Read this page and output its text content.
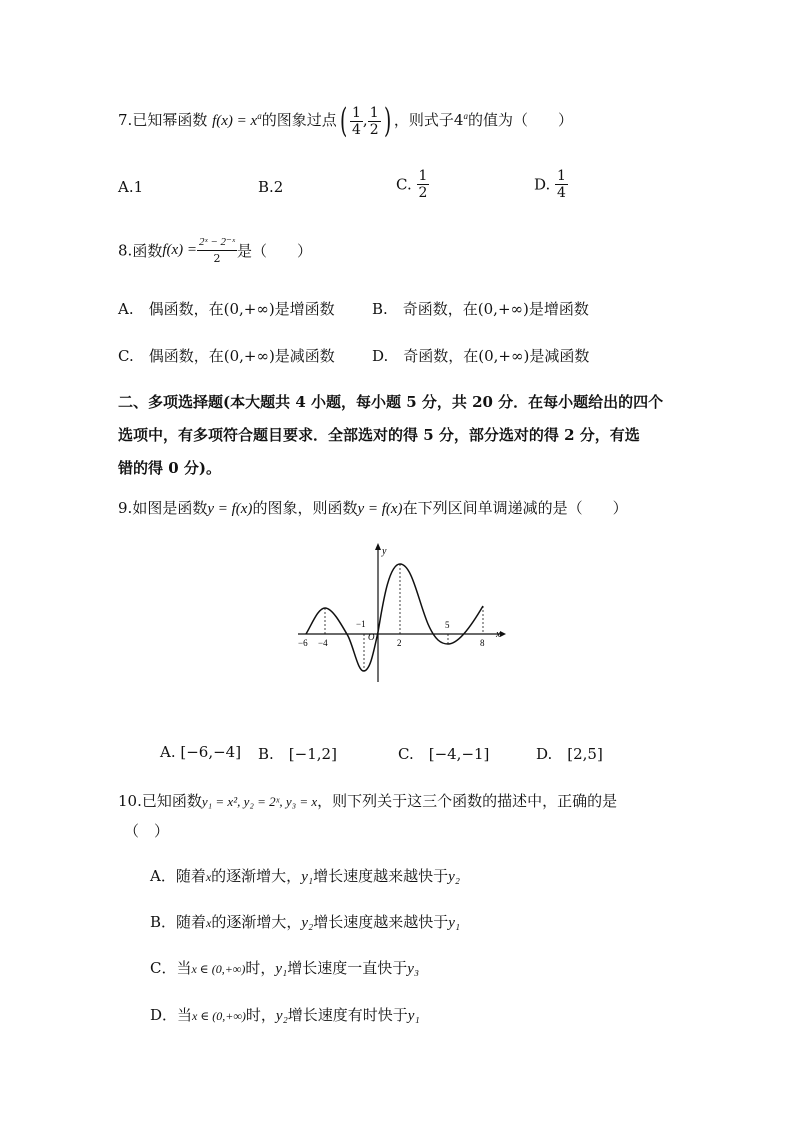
7.已知幂函数 $f(x) = x^a$的图象过点( $\frac{1}{4}$ , $\frac{1}{2}$ ) ，则式子4$^a$的值为（　　）
A.1	B.2	C. $\frac{1}{2}$	D. $\frac{1}{4}$
8.函数$f(x) = \frac{\text{2ˣ − 2⁻ˣ}}{2}$ 是（　　）
A.　偶函数，在(0,+∞)是增函数 B.　奇函数，在(0,+∞)是增函数
C.　偶函数，在(0,+∞)是减函数 D.　奇函数，在(0,+∞)是减函数
二、多项选择题(本大题共 4 小题，每小题 5 分，共 20 分．在每小题给出的四个
选项中，有多项符合题目要求．全部选对的得 5 分，部分选对的得 2 分，有选
错的得 0 分)。
9.如图是函数y = f(x)的图象，则函数y = f(x)在下列区间单调递减的是（　　）
y
x
O
−6 −4
−1
2
5
8
A. [−6,−4] B.　[−1,2]	C.　[−4,−1]	D.　[2,5]
10.已知函数y₁ = x², y₂ = 2ˣ, y₃ = x，则下列关于这三个函数的描述中，正确的是
（　）
A．随着x的逐渐增大，y₁增长速度越来越快于y₂
B．随着x的逐渐增大，y₂增长速度越来越快于y₁
C．当x ∈ (0,+∞)时，y₁增长速度一直快于y₃
D．当x ∈ (0,+∞)时，y₂增长速度有时快于y₁
